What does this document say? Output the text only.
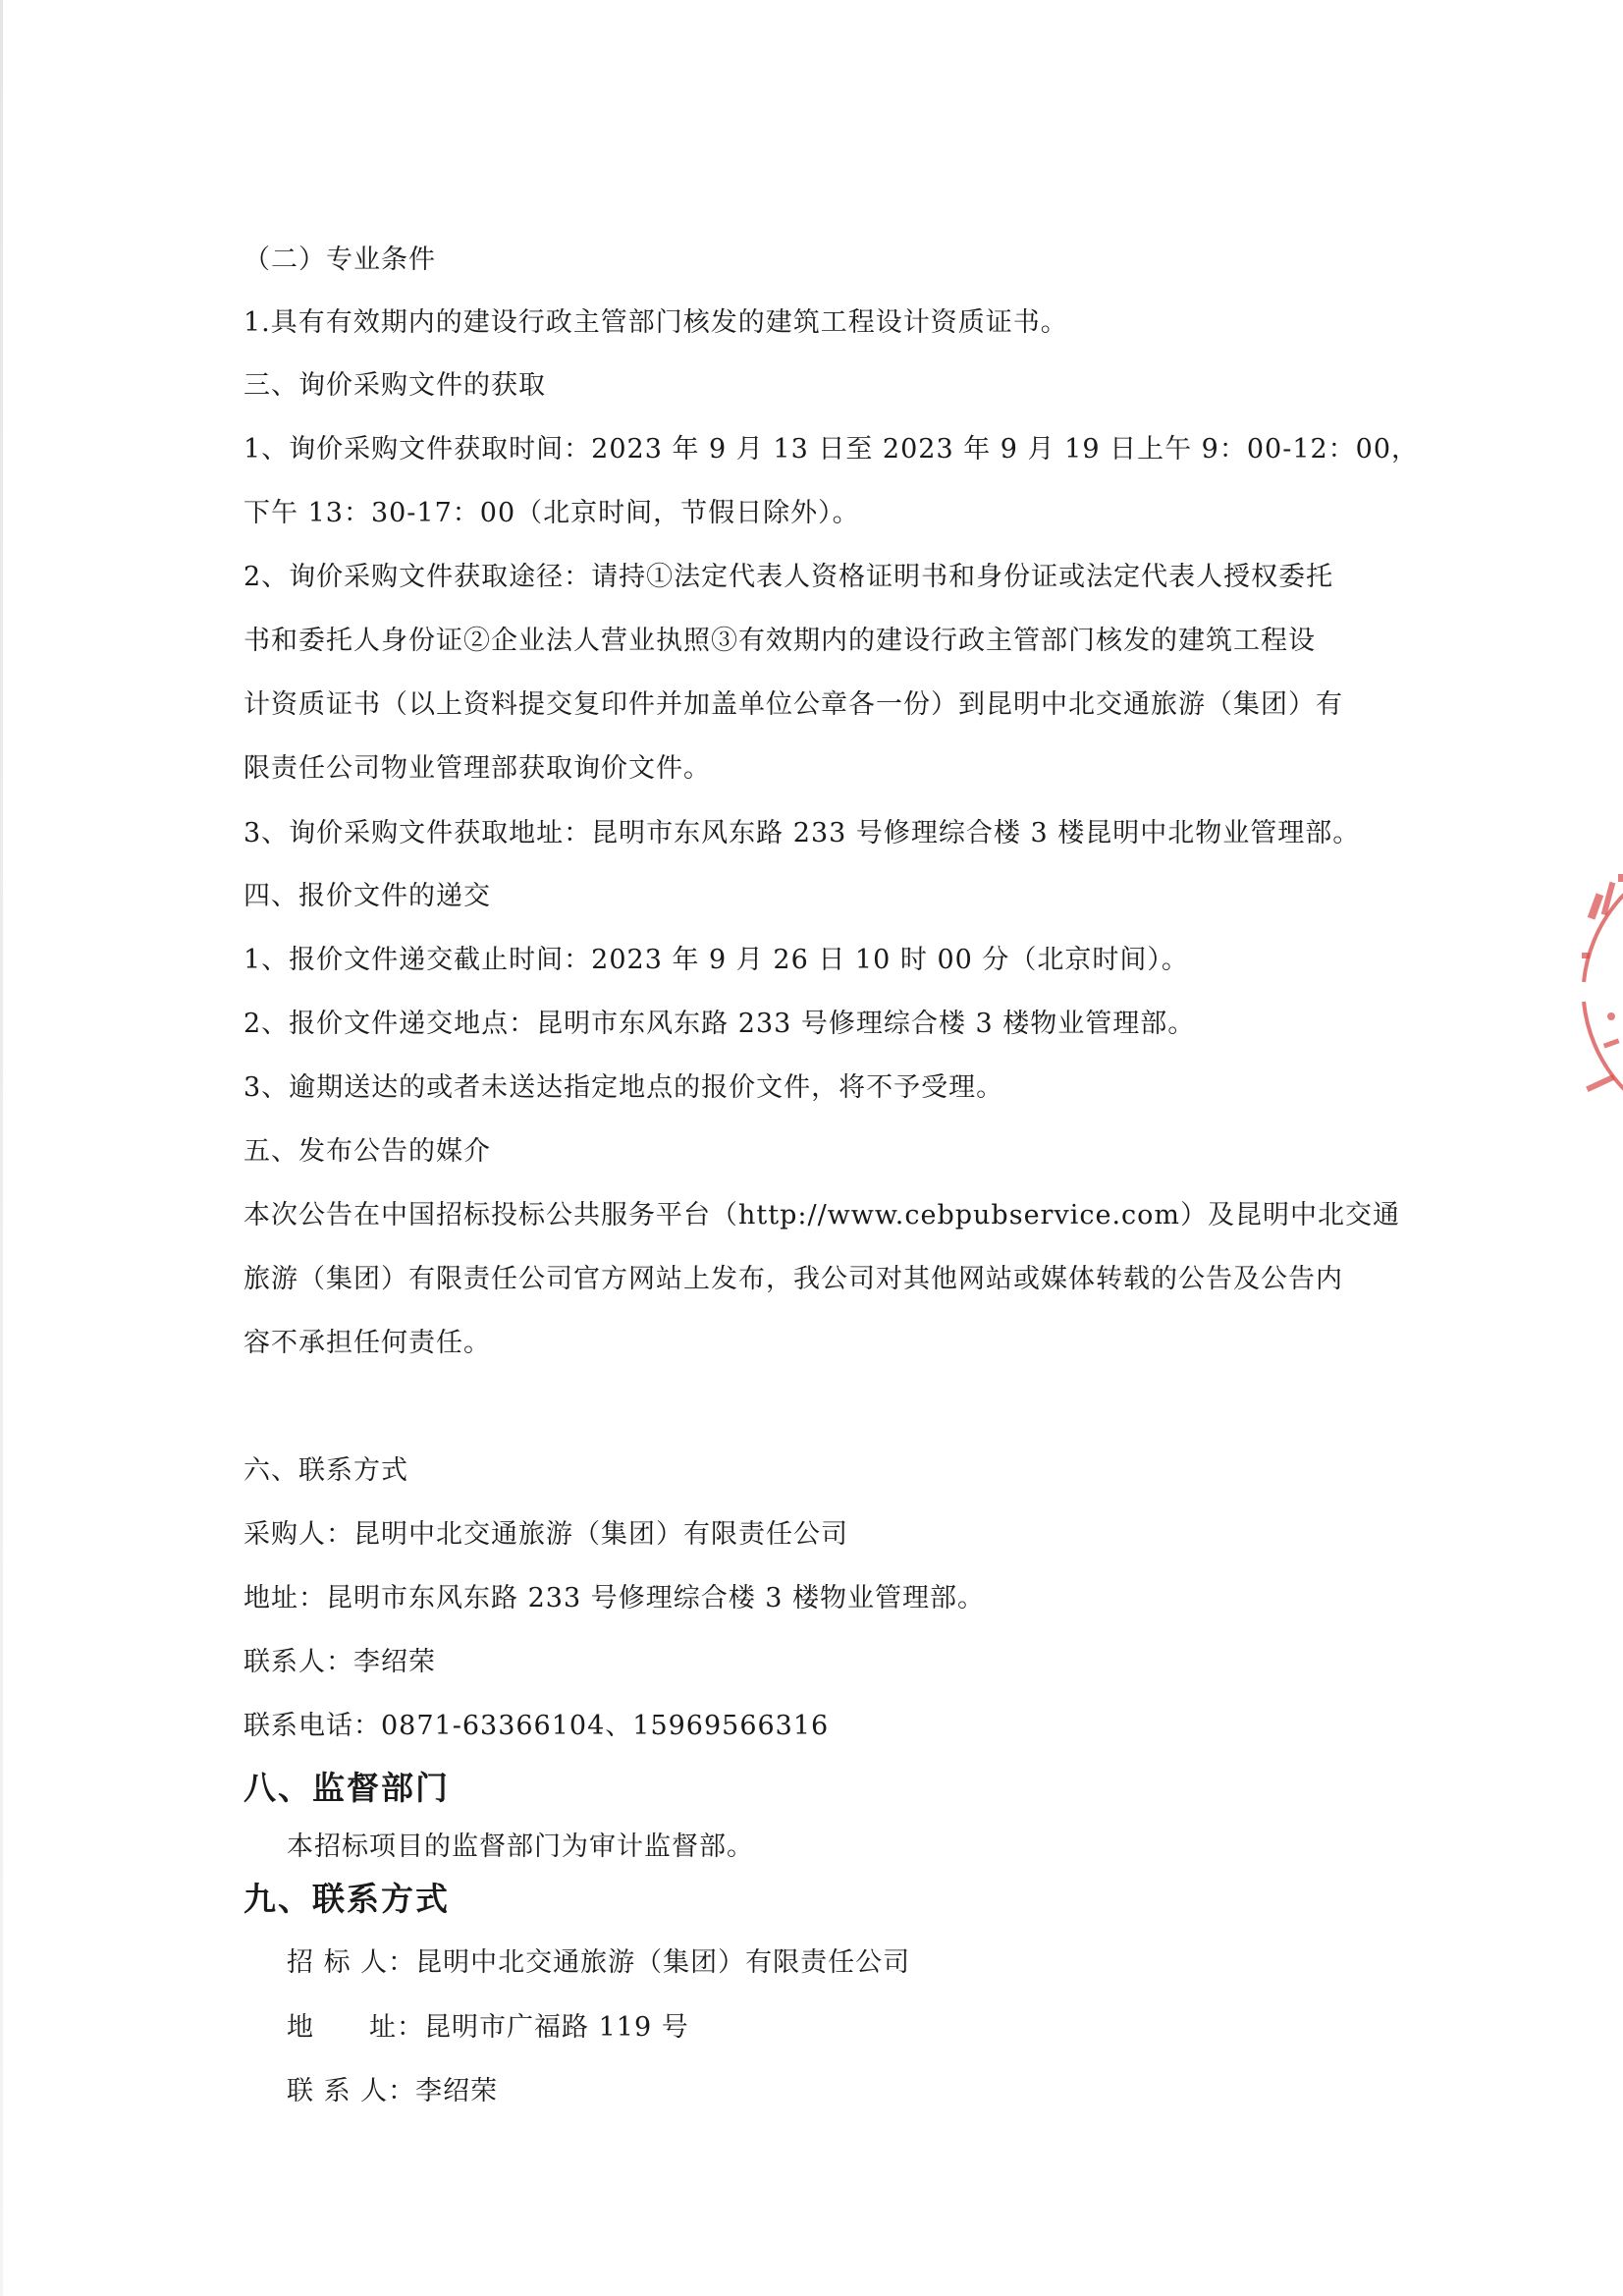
（二）专业条件

1.具有有效期内的建设行政主管部门核发的建筑工程设计资质证书。

三、询价采购文件的获取

1、询价采购文件获取时间：2023 年 9 月 13 日至 2023 年 9 月 19 日上午 9：00-12：00，

下午 13：30-17：00（北京时间，节假日除外）。

2、询价采购文件获取途径：请持①法定代表人资格证明书和身份证或法定代表人授权委托

书和委托人身份证②企业法人营业执照③有效期内的建设行政主管部门核发的建筑工程设

计资质证书（以上资料提交复印件并加盖单位公章各一份）到昆明中北交通旅游（集团）有

限责任公司物业管理部获取询价文件。

3、询价采购文件获取地址：昆明市东风东路 233 号修理综合楼 3 楼昆明中北物业管理部。

四、报价文件的递交

1、报价文件递交截止时间：2023 年 9 月 26 日 10 时 00 分（北京时间）。

2、报价文件递交地点：昆明市东风东路 233 号修理综合楼 3 楼物业管理部。

3、逾期送达的或者未送达指定地点的报价文件，将不予受理。

五、发布公告的媒介

本次公告在中国招标投标公共服务平台（http://www.cebpubservice.com）及昆明中北交通

旅游（集团）有限责任公司官方网站上发布，我公司对其他网站或媒体转载的公告及公告内

容不承担任何责任。

六、联系方式

采购人：昆明中北交通旅游（集团）有限责任公司

地址：昆明市东风东路 233 号修理综合楼 3 楼物业管理部。

联系人：李绍荣

联系电话：0871-63366104、15969566316

八、监督部门

本招标项目的监督部门为审计监督部。

九、联系方式

招 标 人：昆明中北交通旅游（集团）有限责任公司

地　　址：昆明市广福路 119 号

联 系 人：李绍荣
